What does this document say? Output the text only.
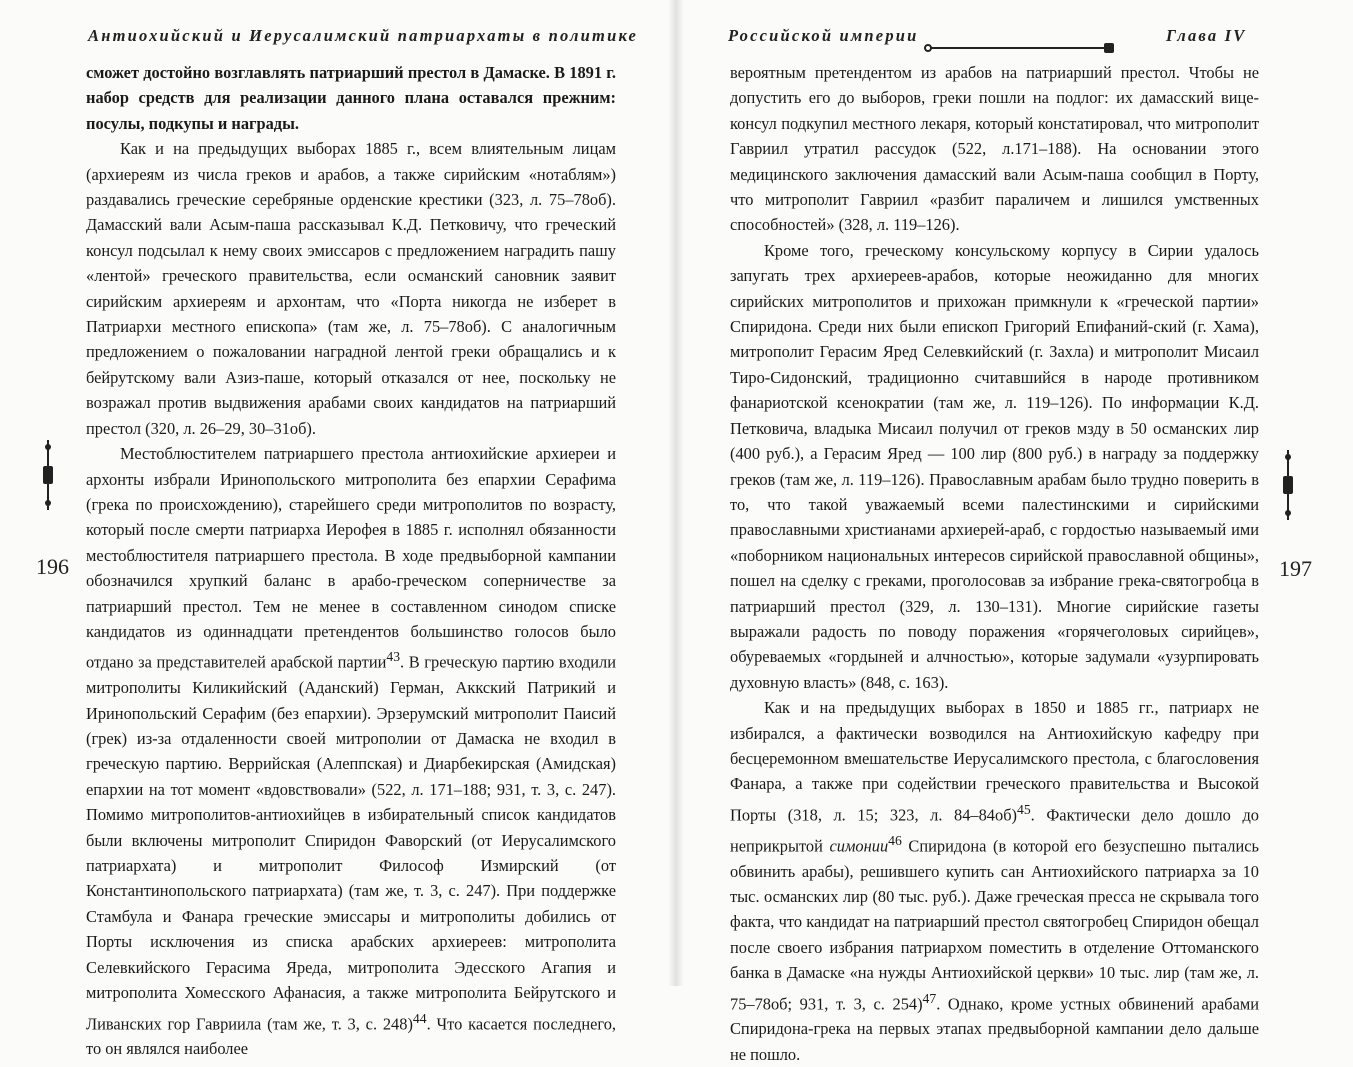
Антиохийский и Иерусалимский патриархаты в политике
196

сможет достойно возглавлять патриарший престол в Дамаске. В 1891 г. набор средств для реализации данного плана оставался прежним: посулы, подкупы и награды.

Как и на предыдущих выборах 1885 г., всем влиятельным лицам (архиереям из числа греков и арабов, а также сирийским «нотаблям») раздавались греческие серебряные орденские крестики (323, л. 75–78об). Дамасский вали Асым-паша рассказывал К.Д. Петковичу, что греческий консул подсылал к нему своих эмиссаров с предложением наградить пашу «лентой» греческого правительства, если османский сановник заявит сирийским архиереям и архонтам, что «Порта никогда не изберет в Патриархи местного епископа» (там же, л. 75–78об). С аналогичным предложением о пожаловании наградной лентой греки обращались и к бейрутскому вали Азиз-паше, который отказался от нее, поскольку не возражал против выдвижения арабами своих кандидатов на патриарший престол (320, л. 26–29, 30–31об).

Местоблюстителем патриаршего престола антиохийские архиереи и архонты избрали Иринопольского митрополита без епархии Серафима (грека по происхождению), старейшего среди митрополитов по возрасту, который после смерти патриарха Иерофея в 1885 г. исполнял обязанности местоблюстителя патриаршего престола. В ходе предвыборной кампании обозначился хрупкий баланс в арабо-греческом соперничестве за патриарший престол. Тем не менее в составленном синодом списке кандидатов из одиннадцати претендентов большинство голосов было отдано за представителей арабской партии$^{43}$. В греческую партию входили митрополиты Киликийский (Аданский) Герман, Аккский Патрикий и Иринопольский Серафим (без епархии). Эрзерумский митрополит Паисий (грек) из-за отдаленности своей митрополии от Дамаска не входил в греческую партию. Веррийская (Алеппская) и Диарбекирская (Амидская) епархии на тот момент «вдовствовали» (522, л. 171–188; 931, т. 3, с. 247). Помимо митрополитов-антиохийцев в избирательный список кандидатов были включены митрополит Спиридон Фаворский (от Иерусалимского патриархата) и митрополит Философ Измирский (от Константинопольского патриархата) (там же, т. 3, с. 247). При поддержке Стамбула и Фанара греческие эмиссары и митрополиты добились от Порты исключения из списка арабских архиереев: митрополита Селевкийского Герасима Яреда, митрополита Эдесского Агапия и митрополита Хомесского Афанасия, а также митрополита Бейрутского и Ливанских гор Гавриила (там же, т. 3, с. 248)$^{44}$. Что касается последнего, то он являлся наиболее

Российской империи	Глава IV
197

вероятным претендентом из арабов на патриарший престол. Чтобы не допустить его до выборов, греки пошли на подлог: их дамасский вице-консул подкупил местного лекаря, который констатировал, что митрополит Гавриил утратил рассудок (522, л.171–188). На основании этого медицинского заключения дамасский вали Асым-паша сообщил в Порту, что митрополит Гавриил «разбит параличем и лишился умственных способностей» (328, л. 119–126).

Кроме того, греческому консульскому корпусу в Сирии удалось запугать трех архиереев-арабов, которые неожиданно для многих сирийских митрополитов и прихожан примкнули к «греческой партии» Спиридона. Среди них были епископ Григорий Епифаний-ский (г. Хама), митрополит Герасим Яред Селевкийский (г. Захла) и митрополит Мисаил Тиро-Сидонский, традиционно считавшийся в народе противником фанариотской ксенократии (там же, л. 119–126). По информации К.Д. Петковича, владыка Мисаил получил от греков мзду в 50 османских лир (400 руб.), а Герасим Яред — 100 лир (800 руб.) в награду за поддержку греков (там же, л. 119–126). Православным арабам было трудно поверить в то, что такой уважаемый всеми палестинскими и сирийскими православными христианами архиерей-араб, с гордостью называемый ими «поборником национальных интересов сирийской православной общины», пошел на сделку с греками, проголосовав за избрание грека-святогробца в патриарший престол (329, л. 130–131). Многие сирийские газеты выражали радость по поводу поражения «горячеголовых сирийцев», обуреваемых «гордыней и алчностью», которые задумали «узурпировать духовную власть» (848, с. 163).

Как и на предыдущих выборах в 1850 и 1885 гг., патриарх не избирался, а фактически возводился на Антиохийскую кафедру при бесцеремонном вмешательстве Иерусалимского престола, с благословения Фанара, а также при содействии греческого правительства и Высокой Порты (318, л. 15; 323, л. 84–84об)$^{45}$. Фактически дело дошло до неприкрытой симонии$^{46}$ Спиридона (в которой его безуспешно пытались обвинить арабы), решившего купить сан Антиохийского патриарха за 10 тыс. османских лир (80 тыс. руб.). Даже греческая пресса не скрывала того факта, что кандидат на патриарший престол святогробец Спиридон обещал после своего избрания патриархом поместить в отделение Оттоманского банка в Дамаске «на нужды Антиохийской церкви» 10 тыс. лир (там же, л. 75–78об; 931, т. 3, с. 254)$^{47}$. Однако, кроме устных обвинений арабами Спиридона-грека на первых этапах предвыборной кампании дело дальше не пошло.
